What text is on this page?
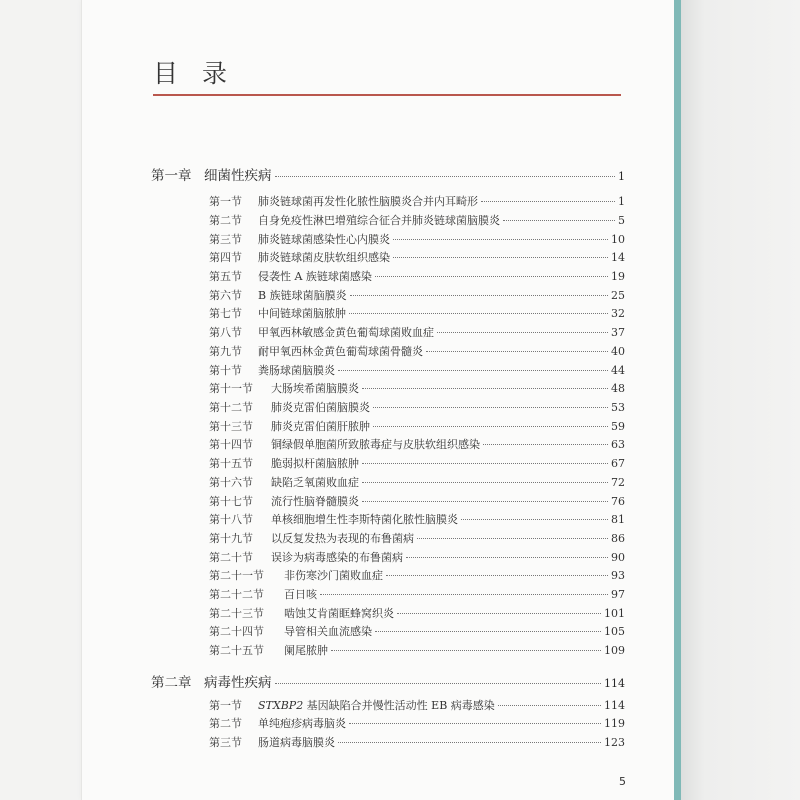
目 录
第一章 细菌性疾病	1
第一节	肺炎链球菌再发性化脓性脑膜炎合并内耳畸形	1
第二节	自身免疫性淋巴增殖综合征合并肺炎链球菌脑膜炎	5
第三节	肺炎链球菌感染性心内膜炎	10
第四节	肺炎链球菌皮肤软组织感染	14
第五节	侵袭性 A 族链球菌感染	19
第六节	B 族链球菌脑膜炎	25
第七节	中间链球菌脑脓肿	32
第八节	甲氧西林敏感金黄色葡萄球菌败血症	37
第九节	耐甲氧西林金黄色葡萄球菌骨髓炎	40
第十节	粪肠球菌脑膜炎	44
第十一节	大肠埃希菌脑膜炎	48
第十二节	肺炎克雷伯菌脑膜炎	53
第十三节	肺炎克雷伯菌肝脓肿	59
第十四节	铜绿假单胞菌所致脓毒症与皮肤软组织感染	63
第十五节	脆弱拟杆菌脑脓肿	67
第十六节	缺陷乏氧菌败血症	72
第十七节	流行性脑脊髓膜炎	76
第十八节	单核细胞增生性李斯特菌化脓性脑膜炎	81
第十九节	以反复发热为表现的布鲁菌病	86
第二十节	误诊为病毒感染的布鲁菌病	90
第二十一节	非伤寒沙门菌败血症	93
第二十二节	百日咳	97
第二十三节	啮蚀艾肯菌眶蜂窝织炎	101
第二十四节	导管相关血流感染	105
第二十五节	阑尾脓肿	109
第二章 病毒性疾病	114
第一节	STXBP2 基因缺陷合并慢性活动性 EB 病毒感染	114
第二节	单纯疱疹病毒脑炎	119
第三节	肠道病毒脑膜炎	123
5
